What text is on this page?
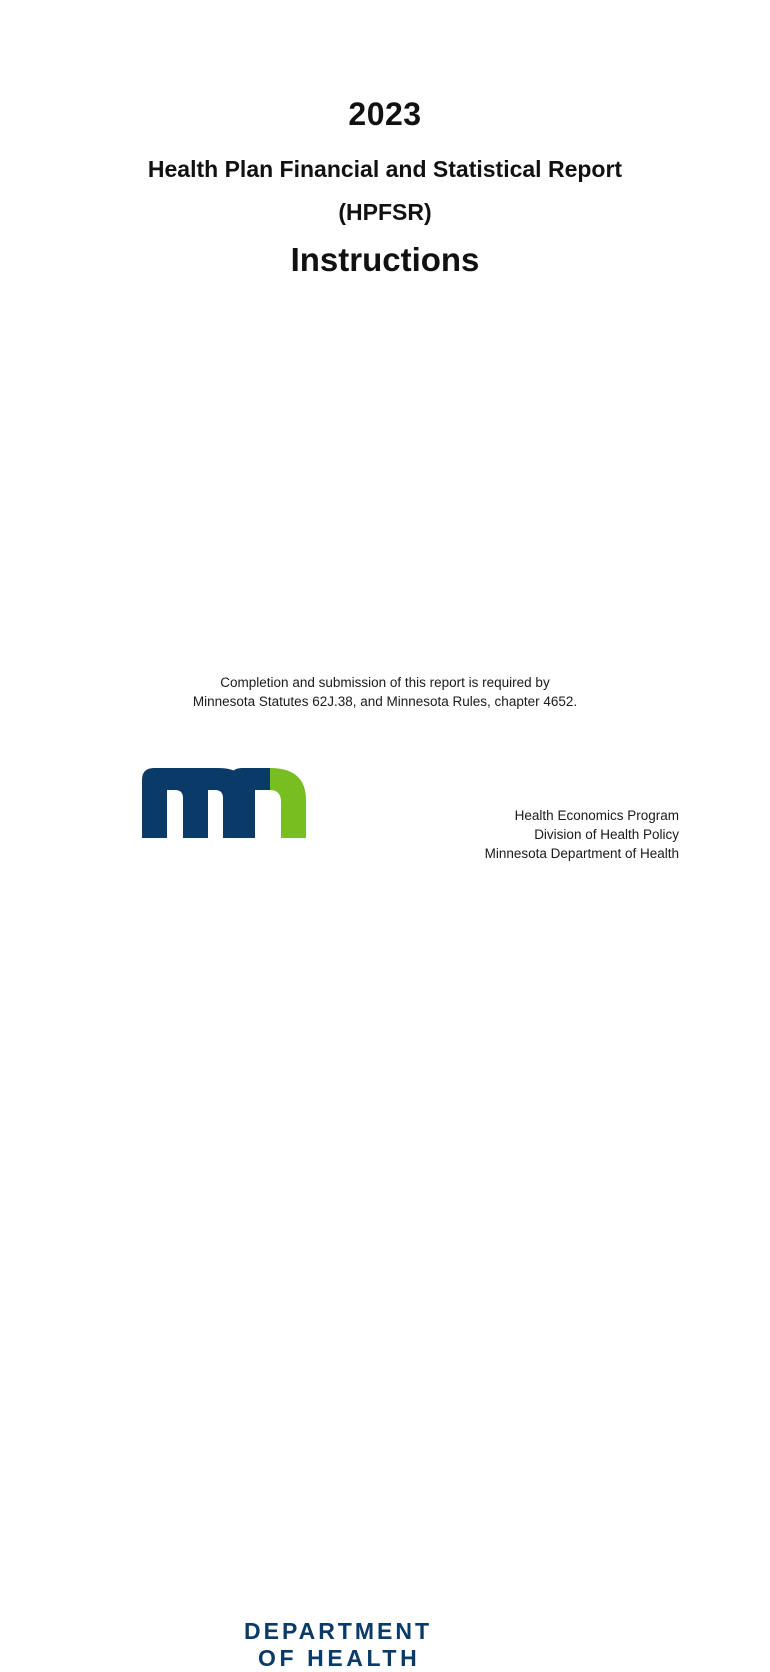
2023
Health Plan Financial and Statistical Report
(HPFSR)
Instructions
Completion and submission of this report is required by
Minnesota Statutes 62J.38, and Minnesota Rules, chapter 4652.
DEPARTMENT
OF HEALTH
Health Economics Program
Division of Health Policy
Minnesota Department of Health
